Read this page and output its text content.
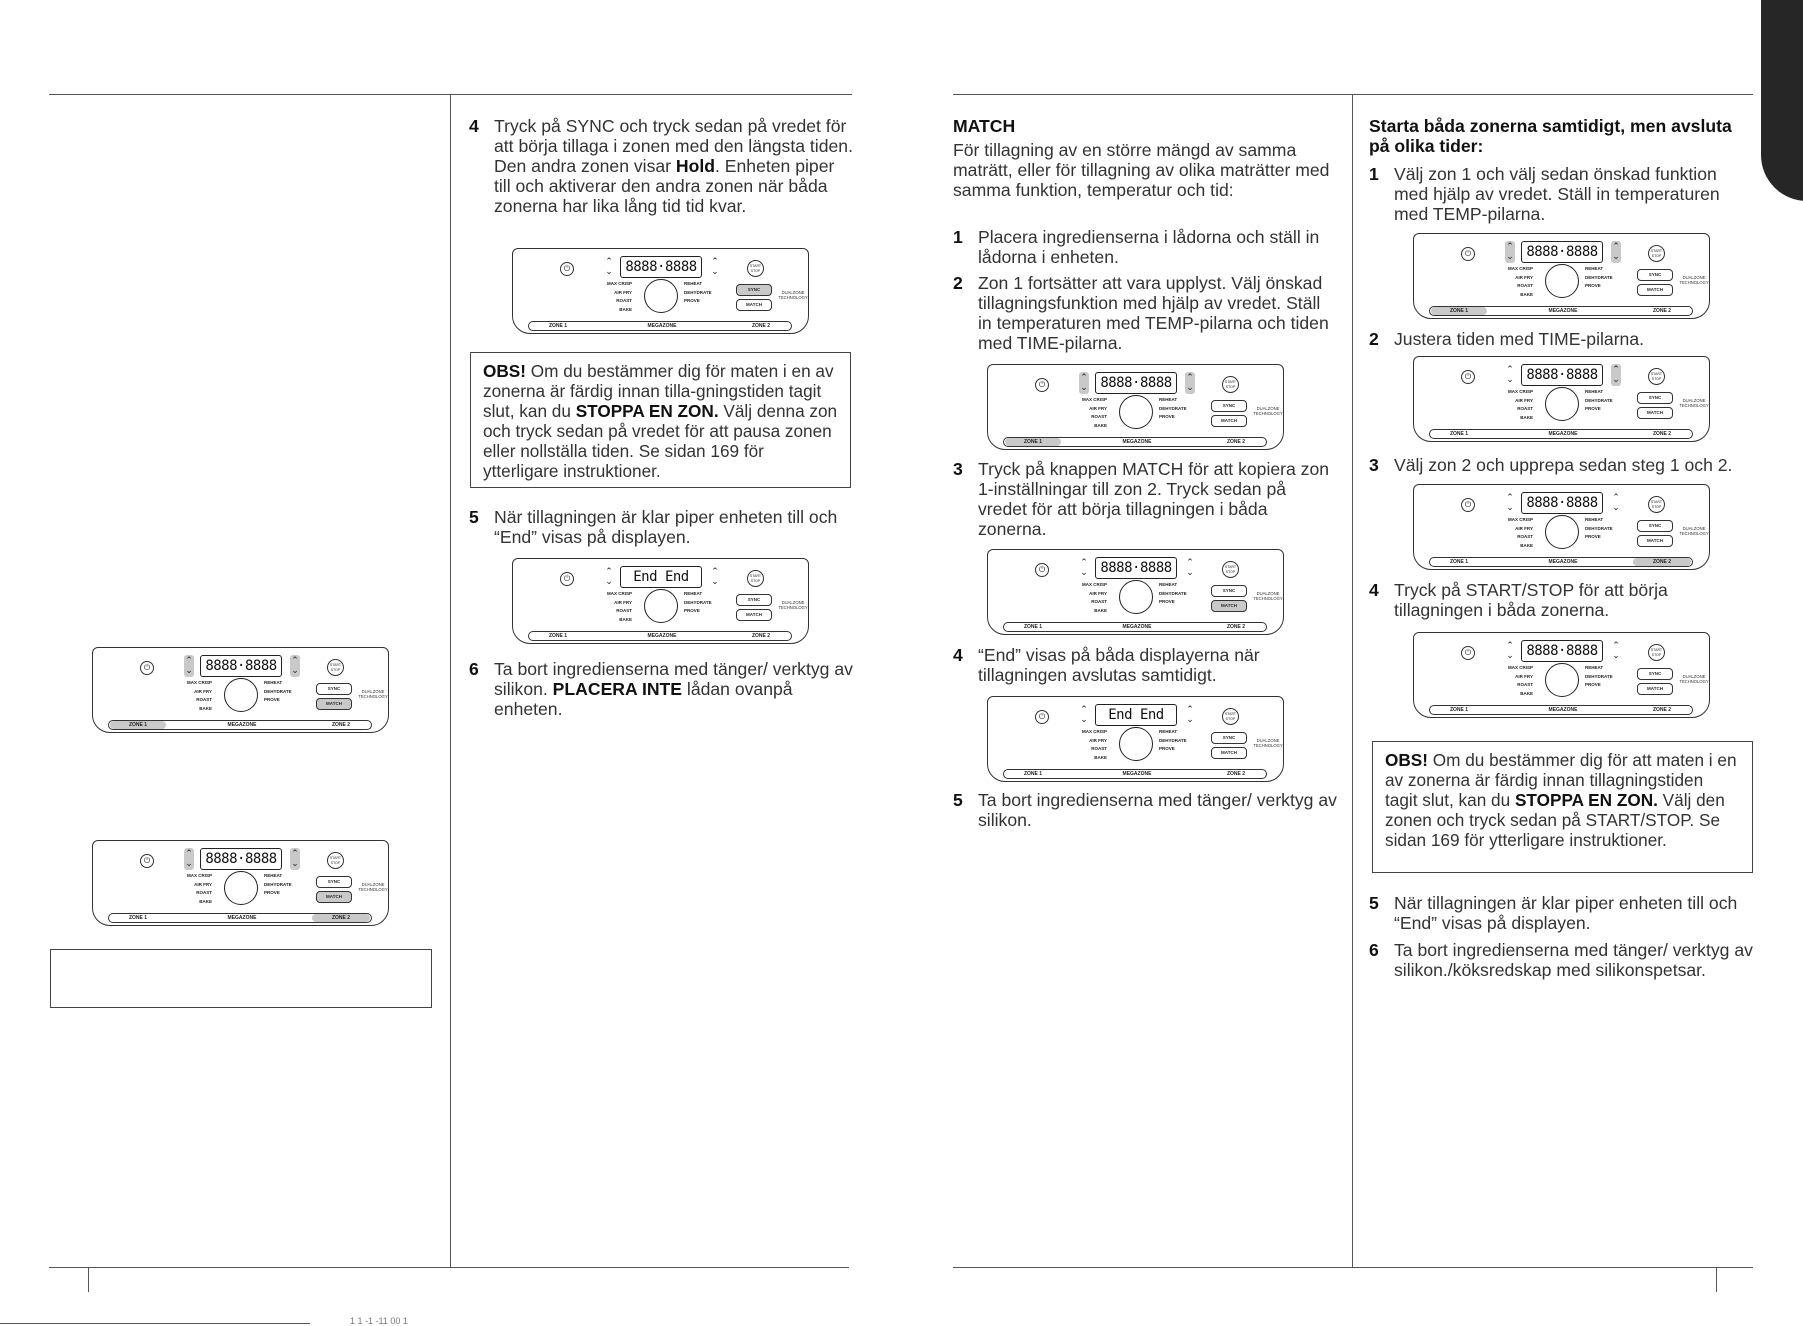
1 1 -1 -11 00 1
4 Tryck på SYNC och tryck sedan på vredet för att börja tillaga i zonen med den längsta tiden. Den andra zonen visar Hold. Enheten piper till och aktiverar den andra zonen när båda zonerna har lika lång tid tid kvar.
OBS! Om du bestämmer dig för maten i en av zonerna är färdig innan tilla-gningstiden tagit slut, kan du STOPPA EN ZON. Välj denna zon och tryck sedan på vredet för att pausa zonen eller nollställa tiden. Se sidan 169 för ytterligare instruktioner.
5 När tillagningen är klar piper enheten till och “End” visas på displayen.
6 Ta bort ingredienserna med tänger/ verktyg av silikon. PLACERA INTE lådan ovanpå enheten.

MATCH

För tillagning av en större mängd av samma maträtt, eller för tillagning av olika maträtter med samma funktion, temperatur och tid:

1 Placera ingredienserna i lådorna och ställ in lådorna i enheten.
2 Zon 1 fortsätter att vara upplyst. Välj önskad tillagningsfunktion med hjälp av vredet. Ställ in temperaturen med TEMP-pilarna och tiden med TIME-pilarna.
3 Tryck på knappen MATCH för att kopiera zon 1-inställningar till zon 2. Tryck sedan på vredet för att börja tillagningen i båda zonerna.
4 “End” visas på båda displayerna när tillagningen avslutas samtidigt.
5 Ta bort ingredienserna med tänger/ verktyg av silikon.

Starta båda zonerna samtidigt, men avsluta på olika tider:

1 Välj zon 1 och välj sedan önskad funktion med hjälp av vredet. Ställ in temperaturen med TEMP-pilarna.
2 Justera tiden med TIME-pilarna.
3 Välj zon 2 och upprepa sedan steg 1 och 2.
4 Tryck på START/STOP för att börja tillagningen i båda zonerna.
OBS! Om du bestämmer dig för att maten i en av zonerna är färdig innan tillagningstiden tagit slut, kan du STOPPA EN ZON. Välj den zonen och tryck sedan på START/STOP. Se sidan 169 för ytterligare instruktioner.
5 När tillagningen är klar piper enheten till och “End” visas på displayen.
6 Ta bort ingredienserna med tänger/ verktyg av silikon./köksredskap med silikonspetsar.
⏻
⌃
⌄ 8888·8888	⌃
⌄	START STOP
MAX CRISP
AIR FRY
ROAST
BAKE
REHEAT
DEHYDRATE
PROVE
SYNC
MATCH
DUALZONE TECHNOLOGY
ZONE 1	MEGAZONE	ZONE 2
⏻
⌃
⌄ 8888·8888	⌃
⌄	START STOP
MAX CRISP
AIR FRY
ROAST
BAKE
REHEAT
DEHYDRATE
PROVE
SYNC
MATCH
DUALZONE TECHNOLOGY
ZONE 1	MEGAZONE	ZONE 2
⏻
⌃
⌄ 8888·8888	⌃
⌄	START STOP
MAX CRISP
AIR FRY
ROAST
BAKE
REHEAT
DEHYDRATE
PROVE
SYNC
MATCH
DUALZONE TECHNOLOGY
ZONE 1	MEGAZONE	ZONE 2
⏻
⌃
⌄	End End	⌃
⌄	START STOP
MAX CRISP
AIR FRY
ROAST
BAKE
REHEAT
DEHYDRATE
PROVE
SYNC
MATCH
DUALZONE TECHNOLOGY
ZONE 1	MEGAZONE	ZONE 2
⏻
⌃
⌄ 8888·8888	⌃
⌄	START STOP
MAX CRISP
AIR FRY
ROAST
BAKE
REHEAT
DEHYDRATE
PROVE
SYNC
MATCH
DUALZONE TECHNOLOGY
ZONE 1	MEGAZONE	ZONE 2
⏻
⌃
⌄ 8888·8888	⌃
⌄	START STOP
MAX CRISP
AIR FRY
ROAST
BAKE
REHEAT
DEHYDRATE
PROVE
SYNC
MATCH
DUALZONE TECHNOLOGY
ZONE 1	MEGAZONE	ZONE 2
⏻
⌃
⌄	End End	⌃
⌄	START STOP
MAX CRISP
AIR FRY
ROAST
BAKE
REHEAT
DEHYDRATE
PROVE
SYNC
MATCH
DUALZONE TECHNOLOGY
ZONE 1	MEGAZONE	ZONE 2
⏻
⌃
⌄ 8888·8888	⌃
⌄	START STOP
MAX CRISP
AIR FRY
ROAST
BAKE
REHEAT
DEHYDRATE
PROVE
SYNC
MATCH
DUALZONE TECHNOLOGY
ZONE 1	MEGAZONE	ZONE 2
⏻
⌃
⌄ 8888·8888	⌃
⌄	START STOP
MAX CRISP
AIR FRY
ROAST
BAKE
REHEAT
DEHYDRATE
PROVE
SYNC
MATCH
DUALZONE TECHNOLOGY
ZONE 1	MEGAZONE	ZONE 2
⏻
⌃
⌄ 8888·8888	⌃
⌄	START STOP
MAX CRISP
AIR FRY
ROAST
BAKE
REHEAT
DEHYDRATE
PROVE
SYNC
MATCH
DUALZONE TECHNOLOGY
ZONE 1	MEGAZONE	ZONE 2
⏻
⌃
⌄ 8888·8888	⌃
⌄	START STOP
MAX CRISP
AIR FRY
ROAST
BAKE
REHEAT
DEHYDRATE
PROVE
SYNC
MATCH
DUALZONE TECHNOLOGY
ZONE 1	MEGAZONE	ZONE 2
